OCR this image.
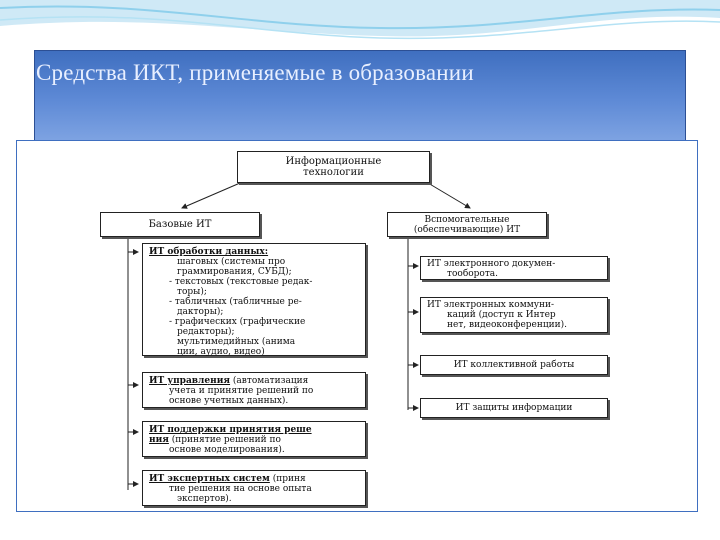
Средства ИКТ, применяемые в образовании
Информационные
технологии
Базовые ИТ	Вспомогательные
(обеспечивающие) ИТ
ИТ обработки данных:
шаговых (системы про
граммирования, СУБД);
- текстовых (текстовые редак-
торы);
- табличных (табличные ре-
дакторы);
- графических (графические
редакторы);
мультимедийных (анима
ции, аудио, видео)
ИТ управления (автоматизация
учета и принятие решений по
основе учетных данных).
ИТ поддержки принятия реше
ния (принятие решений по
основе моделирования).
ИТ экспертных систем (приня
тие решения на основе опыта
экспертов).
ИТ электронного докумен-
тооборота.
ИТ электронных коммуни-
каций (доступ к Интер
нет, видеоконференции).
ИТ коллективной работы
ИТ защиты информации
